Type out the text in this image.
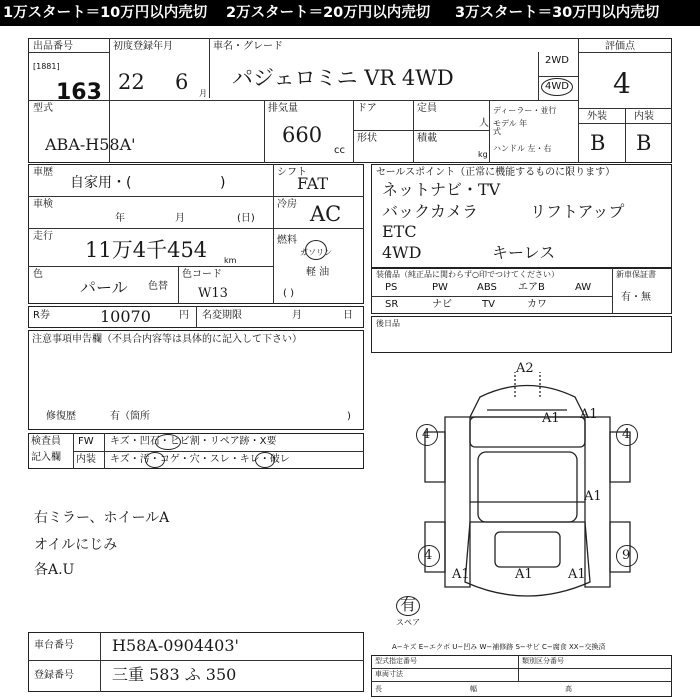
1万スタート＝10万円以内売切 2万スタート＝20万円以内売切 3万スタート＝30万円以内売切
出品番号
[1881]
163
初度登録年月
22 6 月
車名・グレード
パジェロミニ VR 4WD
2WD
4WD
評価点
4
型式
ABA-H58A'
排気量
660
cc
ドア	定員
人
ディーラー・並行
モデル 年式
ハンドル 左・右
形状	積載
kg
外装	内装
B B
車歴
自家用・(	)
車検
年	月	(日)
走行
11万4千454 km
色
パール 色替
色コード
W13
シフト
FAT
冷房 AC
燃料
ガソリン
軽 油
( )
R券	10070	円 名変期限	月	日
注意事項申告欄（不具合内容等は具体的に記入して下さい）
修復歴	有（箇所	)
検査員
記入欄
FW キズ・凹石・ヒビ割・リペア跡・X要
内装 キズ・汚・コゲ・穴・スレ・キレ・破レ
右ミラー、ホイールA
オイルにじみ
各A.U
セールスポイント（正常に機能するものに限ります）
ネットナビ・TV
バックカメラ	リフトアップ
ETC
4WD	キーレス
装備品（純正品に関わらず○印でつけてください）	新車保証書
有・無
PS	PW	ABS エアB	AW
SR	ナビ	TV	カワ
後日品
A2
A1 A1
A1
A1	A1	A1
4	4
4	9
有
スペア
A−キズ E−エクボ U−凹み W−補修跡 S−サビ C−腐食 XX−交換済
車台番号 H58A-0904403'
登録番号 三重 583 ふ 350
型式指定番号	類別区分番号
車両寸法
長	幅	高
